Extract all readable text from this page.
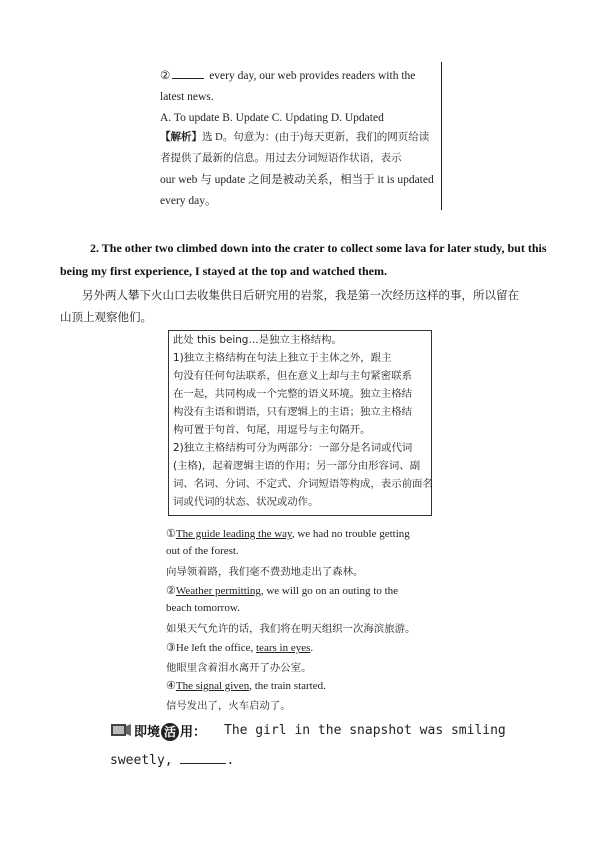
②	every day, our web provides readers with the
latest news.
A. To update B. Update C. Updating D. Updated
【解析】选 D。句意为：(由于)每天更新，我们的网页给读
者提供了最新的信息。用过去分词短语作状语，表示
our web 与 update 之间是被动关系，相当于 it is updated
every day。
2. The other two climbed down into the crater to collect some lava for later study, but this
being my first experience, I stayed at the top and watched them.
另外两人攀下火山口去收集供日后研究用的岩浆，我是第一次经历这样的事，所以留在
山顶上观察他们。
此处 this being…是独立主格结构。
1)独立主格结构在句法上独立于主体之外，跟主
句没有任何句法联系，但在意义上却与主句紧密联系
在一起，共同构成一个完整的语义环境。独立主格结
构没有主语和谓语，只有逻辑上的主语；独立主格结
构可置于句首、句尾，用逗号与主句隔开。
2)独立主格结构可分为两部分：一部分是名词或代词
(主格)，起着逻辑主语的作用；另一部分由形容词、副
词、名词、分词、不定式、介词短语等构成，表示前面名
词或代词的状态、状况或动作。
①The guide leading the way, we had no trouble getting
out of the forest.
向导领着路，我们毫不费劲地走出了森林。
②Weather permitting, we will go on an outing to the
beach tomorrow.
如果天气允许的话，我们将在明天组织一次海滨旅游。
③He left the office, tears in eyes.
他眼里含着泪水离开了办公室。
④The signal given, the train started.
信号发出了，火车启动了。
即境 活 用： The girl in the snapshot was smiling
sweetly,	.
